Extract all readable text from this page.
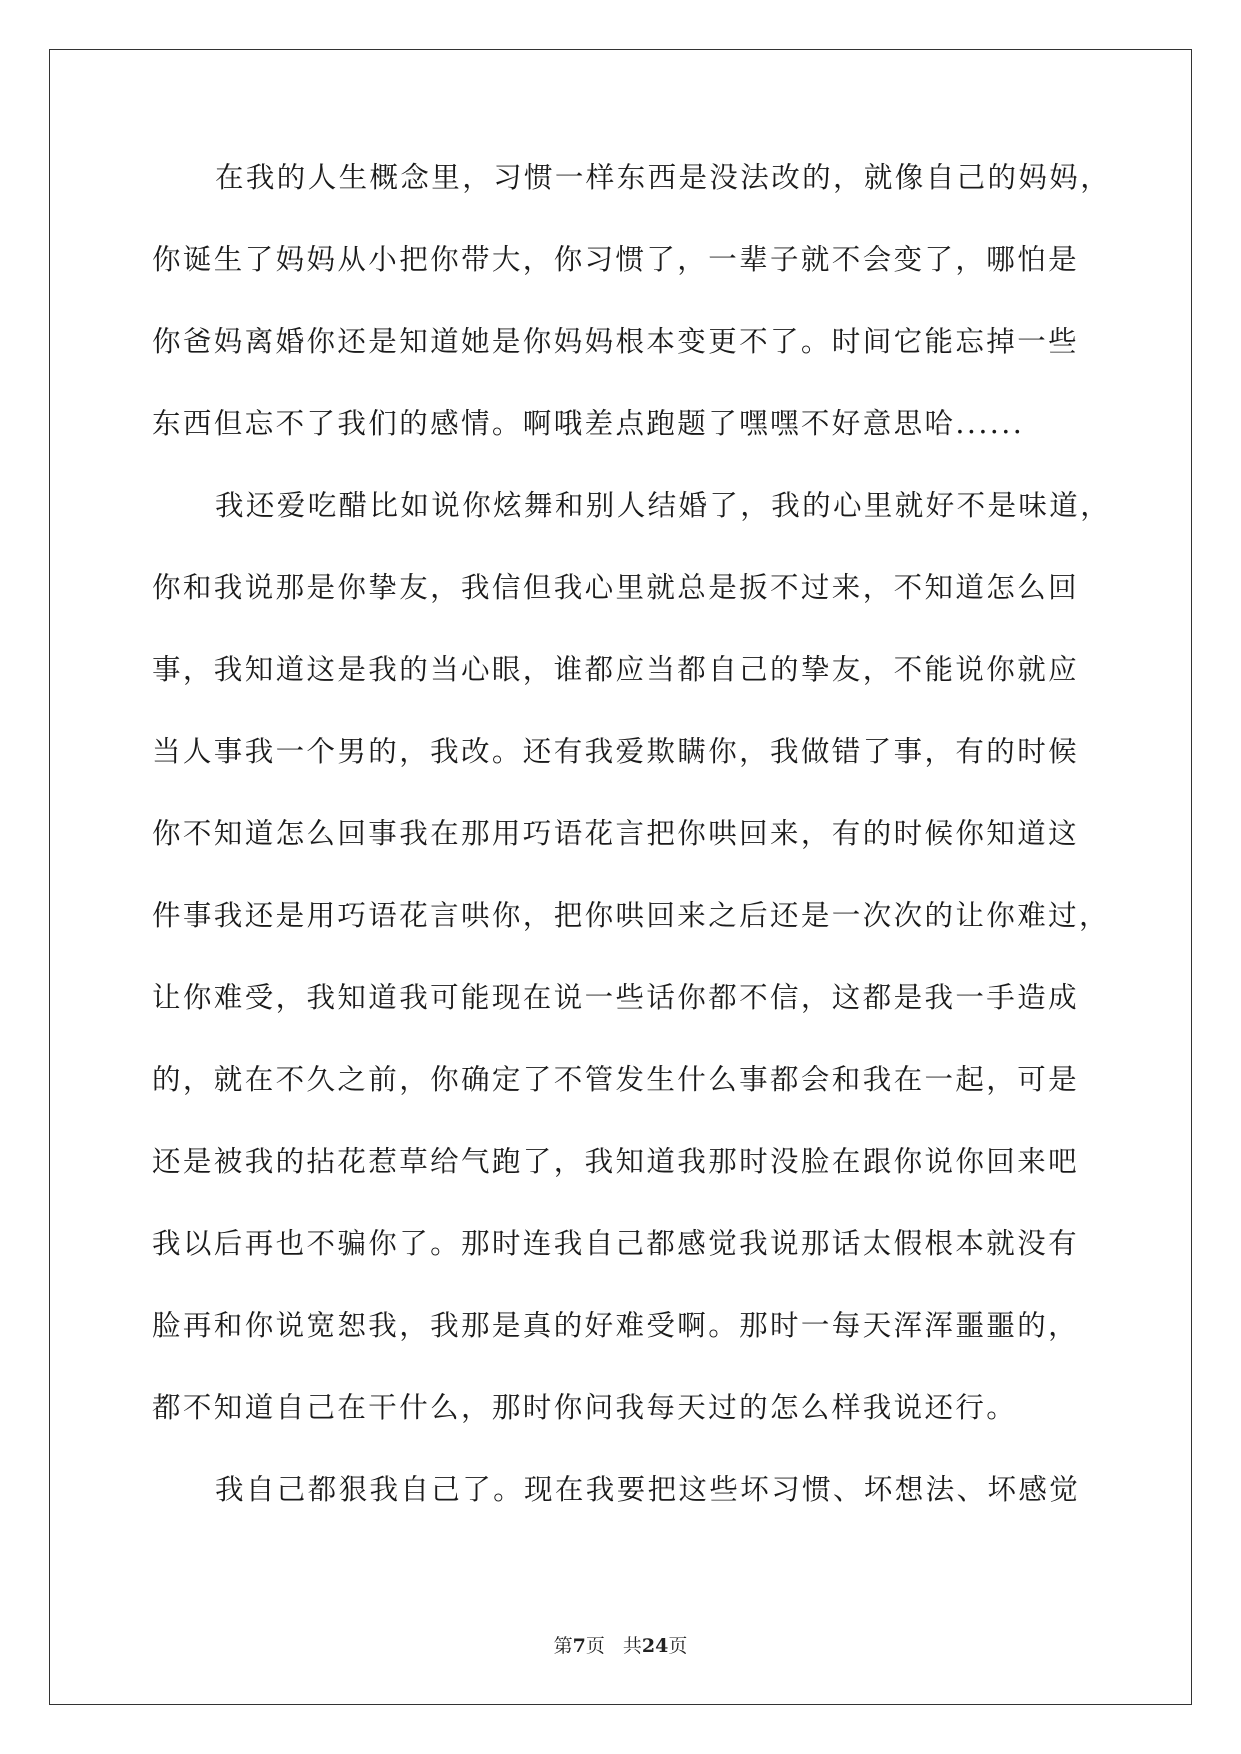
在我的人生概念里，习惯一样东西是没法改的，就像自己的妈妈，
你诞生了妈妈从小把你带大，你习惯了，一辈子就不会变了，哪怕是
你爸妈离婚你还是知道她是你妈妈根本变更不了。时间它能忘掉一些
东西但忘不了我们的感情。啊哦差点跑题了嘿嘿不好意思哈......
我还爱吃醋比如说你炫舞和别人结婚了，我的心里就好不是味道，
你和我说那是你挚友，我信但我心里就总是扳不过来，不知道怎么回
事，我知道这是我的当心眼，谁都应当都自己的挚友，不能说你就应
当人事我一个男的，我改。还有我爱欺瞒你，我做错了事，有的时候
你不知道怎么回事我在那用巧语花言把你哄回来，有的时候你知道这
件事我还是用巧语花言哄你，把你哄回来之后还是一次次的让你难过，
让你难受，我知道我可能现在说一些话你都不信，这都是我一手造成
的，就在不久之前，你确定了不管发生什么事都会和我在一起，可是
还是被我的拈花惹草给气跑了，我知道我那时没脸在跟你说你回来吧
我以后再也不骗你了。那时连我自己都感觉我说那话太假根本就没有
脸再和你说宽恕我，我那是真的好难受啊。那时一每天浑浑噩噩的，
都不知道自己在干什么，那时你问我每天过的怎么样我说还行。
我自己都狠我自己了。现在我要把这些坏习惯、坏想法、坏感觉
第7页 共24页
